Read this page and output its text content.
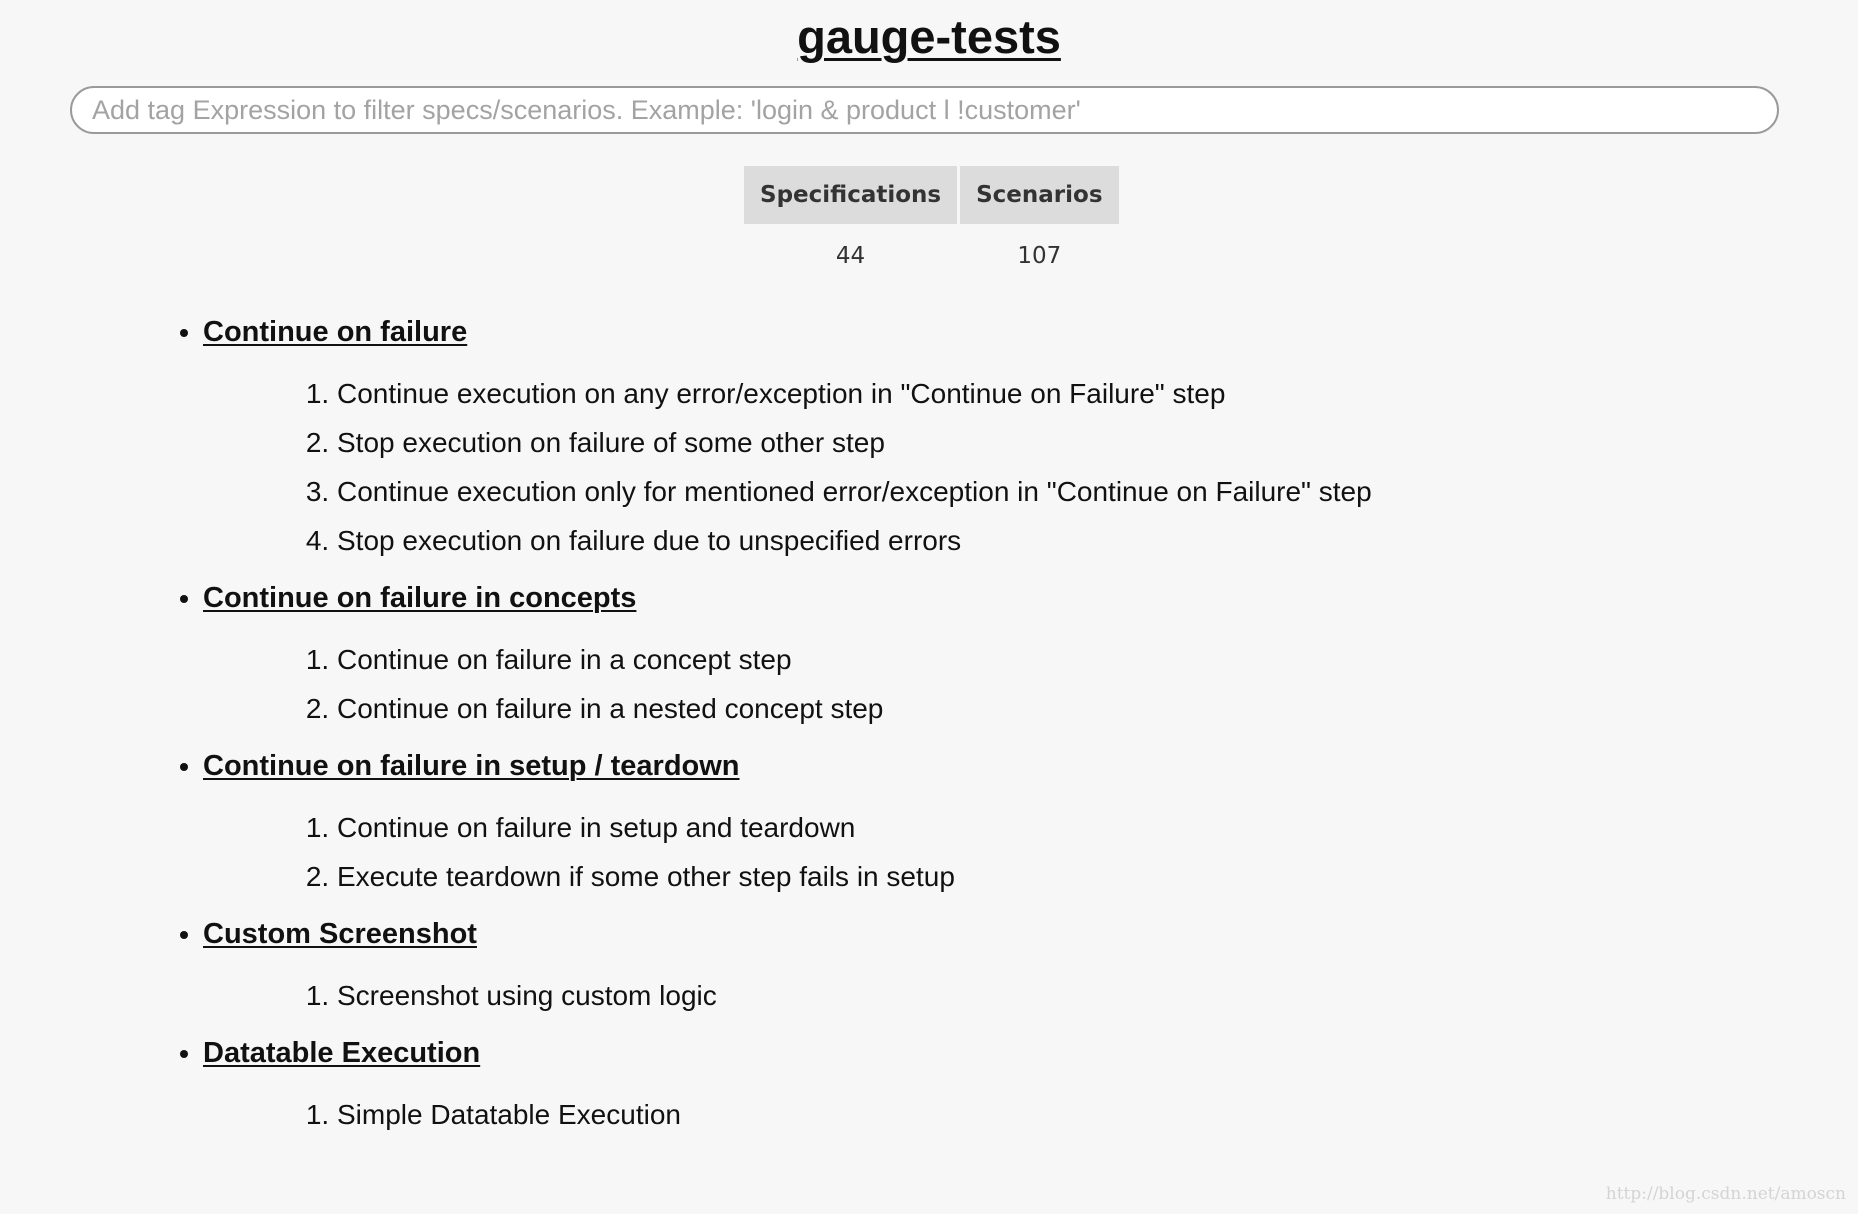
gauge-tests
Add tag Expression to filter specs/scenarios. Example: 'login & product l !customer'
Specifications	Scenarios
44	107
• Continue on failure
1. Continue execution on any error/exception in "Continue on Failure" step
2. Stop execution on failure of some other step
3. Continue execution only for mentioned error/exception in "Continue on Failure" step
4. Stop execution on failure due to unspecified errors
• Continue on failure in concepts
1. Continue on failure in a concept step
2. Continue on failure in a nested concept step
• Continue on failure in setup / teardown
1. Continue on failure in setup and teardown
2. Execute teardown if some other step fails in setup
• Custom Screenshot
1. Screenshot using custom logic
• Datatable Execution
1. Simple Datatable Execution
http://blog.csdn.net/amoscn
